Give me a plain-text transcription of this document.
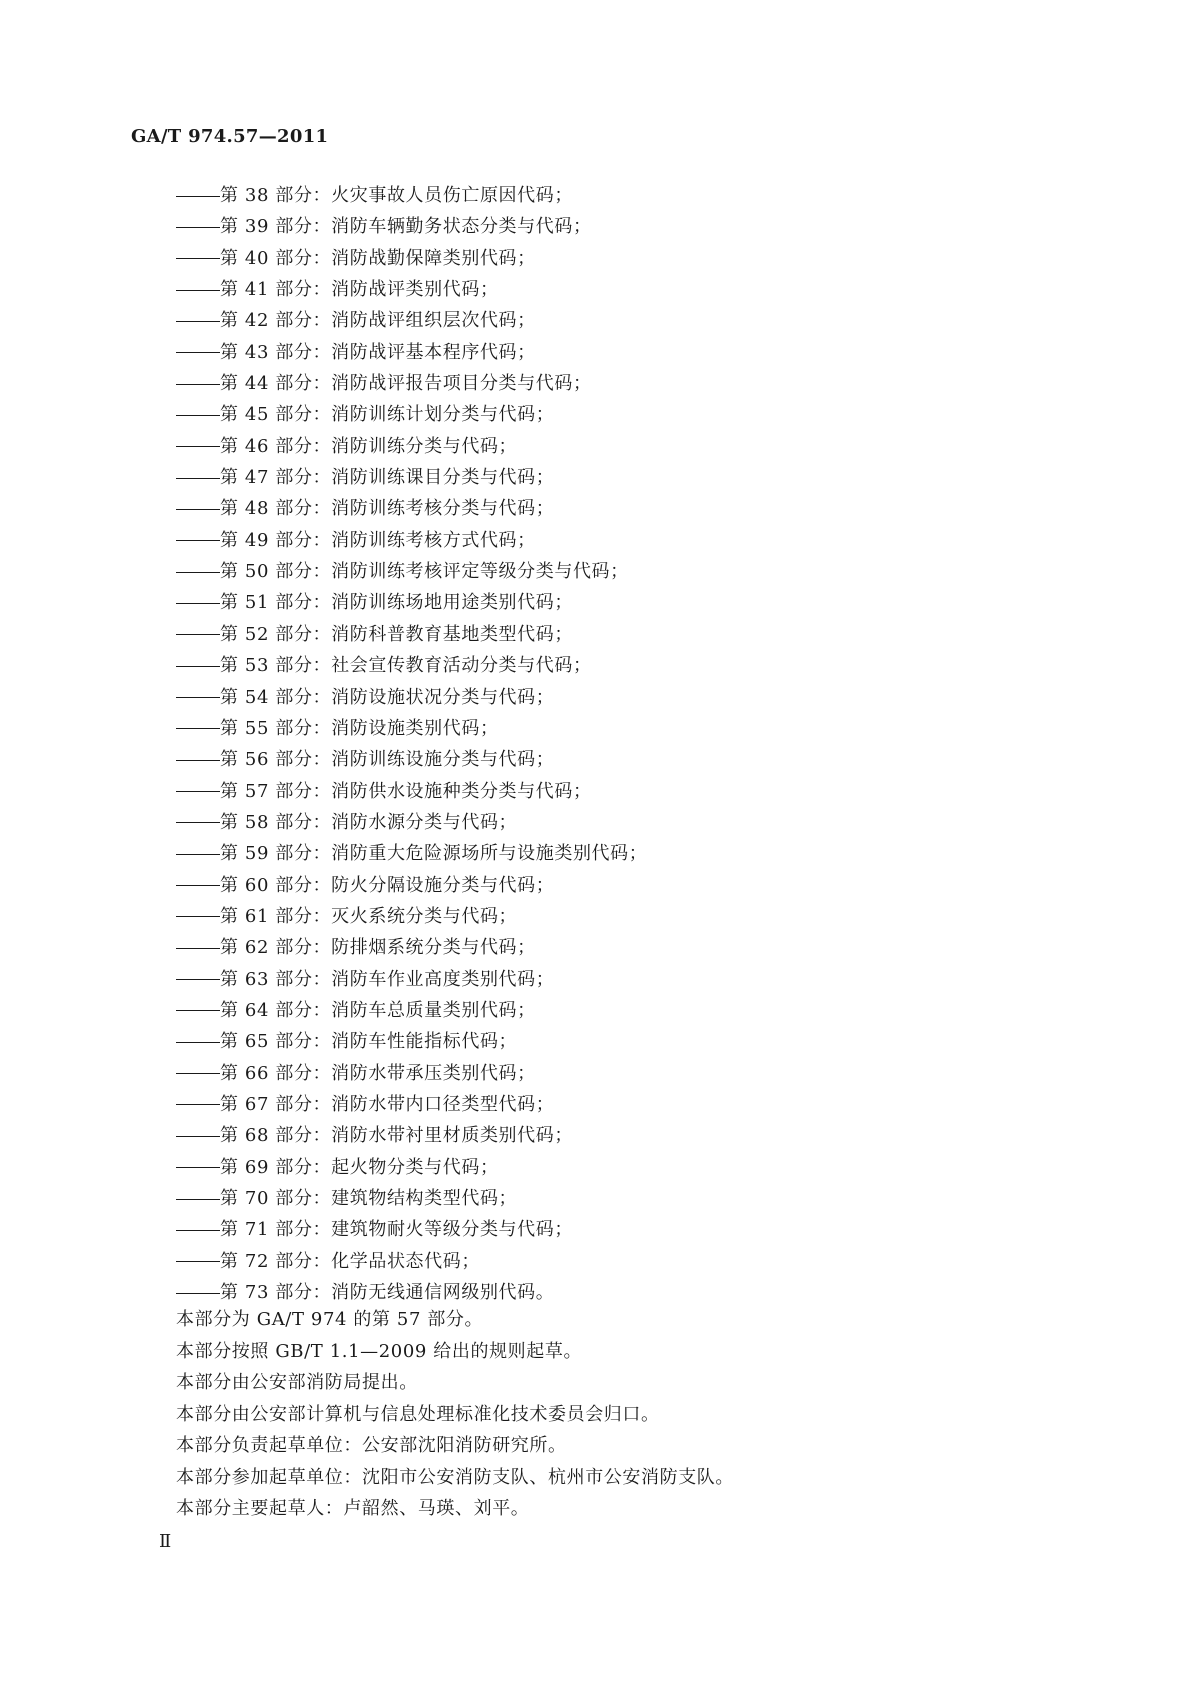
GA/T 974.57—2011
第 38 部分：火灾事故人员伤亡原因代码；
第 39 部分：消防车辆勤务状态分类与代码；
第 40 部分：消防战勤保障类别代码；
第 41 部分：消防战评类别代码；
第 42 部分：消防战评组织层次代码；
第 43 部分：消防战评基本程序代码；
第 44 部分：消防战评报告项目分类与代码；
第 45 部分：消防训练计划分类与代码；
第 46 部分：消防训练分类与代码；
第 47 部分：消防训练课目分类与代码；
第 48 部分：消防训练考核分类与代码；
第 49 部分：消防训练考核方式代码；
第 50 部分：消防训练考核评定等级分类与代码；
第 51 部分：消防训练场地用途类别代码；
第 52 部分：消防科普教育基地类型代码；
第 53 部分：社会宣传教育活动分类与代码；
第 54 部分：消防设施状况分类与代码；
第 55 部分：消防设施类别代码；
第 56 部分：消防训练设施分类与代码；
第 57 部分：消防供水设施种类分类与代码；
第 58 部分：消防水源分类与代码；
第 59 部分：消防重大危险源场所与设施类别代码；
第 60 部分：防火分隔设施分类与代码；
第 61 部分：灭火系统分类与代码；
第 62 部分：防排烟系统分类与代码；
第 63 部分：消防车作业高度类别代码；
第 64 部分：消防车总质量类别代码；
第 65 部分：消防车性能指标代码；
第 66 部分：消防水带承压类别代码；
第 67 部分：消防水带内口径类型代码；
第 68 部分：消防水带衬里材质类别代码；
第 69 部分：起火物分类与代码；
第 70 部分：建筑物结构类型代码；
第 71 部分：建筑物耐火等级分类与代码；
第 72 部分：化学品状态代码；
第 73 部分：消防无线通信网级别代码。

本部分为 GA/T 974 的第 57 部分。

本部分按照 GB/T 1.1—2009 给出的规则起草。

本部分由公安部消防局提出。

本部分由公安部计算机与信息处理标准化技术委员会归口。

本部分负责起草单位：公安部沈阳消防研究所。

本部分参加起草单位：沈阳市公安消防支队、杭州市公安消防支队。

本部分主要起草人：卢韶然、马瑛、刘平。

Ⅱ
